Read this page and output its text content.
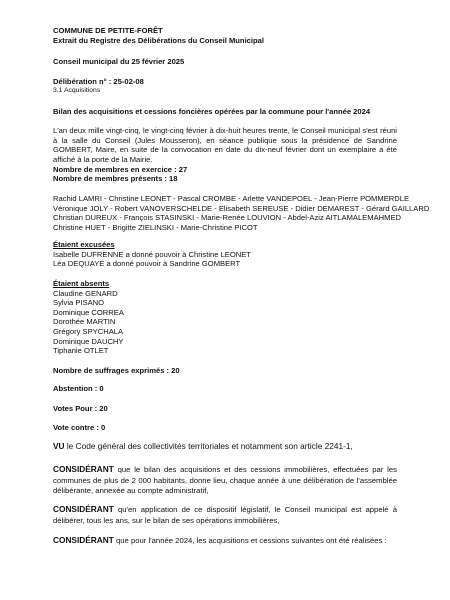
COMMUNE DE PETITE-FORÊT
Extrait du Registre des Délibérations du Conseil Municipal
Conseil municipal du 25 février 2025
Délibération n° : 25-02-08
3.1 Acquisitions
Bilan des acquisitions et cessions foncières opérées par la commune pour l'année 2024

L'an deux mille vingt-cinq, le vingt-cinq février à dix-huit heures trente, le Conseil municipal s'est réuni à la salle du Conseil (Jules Mousseron), en séance publique sous la présidence de Sandrine GOMBERT, Maire, en suite de la convocation en date du dix-neuf février dont un exemplaire a été affiché à la porte de la Mairie.

Nombre de membres en exercice : 27
Nombre de membres présents : 18
Rachid LAMRI - Christine LEONET - Pascal CROMBE - Arlette VANDEPOEL - Jean-Pierre POMMERDLE
Véronique JOLY - Robert VANOVERSCHELDE - Elisabeth SEREUSE - Didier DEMAREST - Gérard GAILLARD
Christian DUREUX - François STASINSKI - Marie-Renée LOUVION - Abdel-Aziz AITLAMALEMAHMED
Christine HUET - Brigitte ZIELINSKI - Marie-Christine PICOT
Étaient excusées
Isabelle DUFRENNE a donné pouvoir à Christine LEONET
Léa DEQUAYE a donné pouvoir à Sandrine GOMBERT
Étaient absents
Claudine GENARD
Sylvia PISANO
Dominique CORREA
Dorothée MARTIN
Grégory SPYCHALA
Dominique DAUCHY
Tiphanie OTLET
Nombre de suffrages exprimés : 20
Abstention : 0
Votes Pour : 20
Vote contre : 0

VU le Code général des collectivités territoriales et notamment son article 2241-1,

CONSIDÉRANT que le bilan des acquisitions et des cessions immobilières, effectuées par les communes de plus de 2 000 habitants, donne lieu, chaque année à une délibération de l'assemblée délibérante, annexée au compte administratif,

CONSIDÉRANT qu'en application de ce dispositif législatif, le Conseil municipal est appelé à délibérer, tous les ans, sur le bilan de ses opérations immobilières,

CONSIDÉRANT que pour l'année 2024, les acquisitions et cessions suivantes ont été réalisées :
